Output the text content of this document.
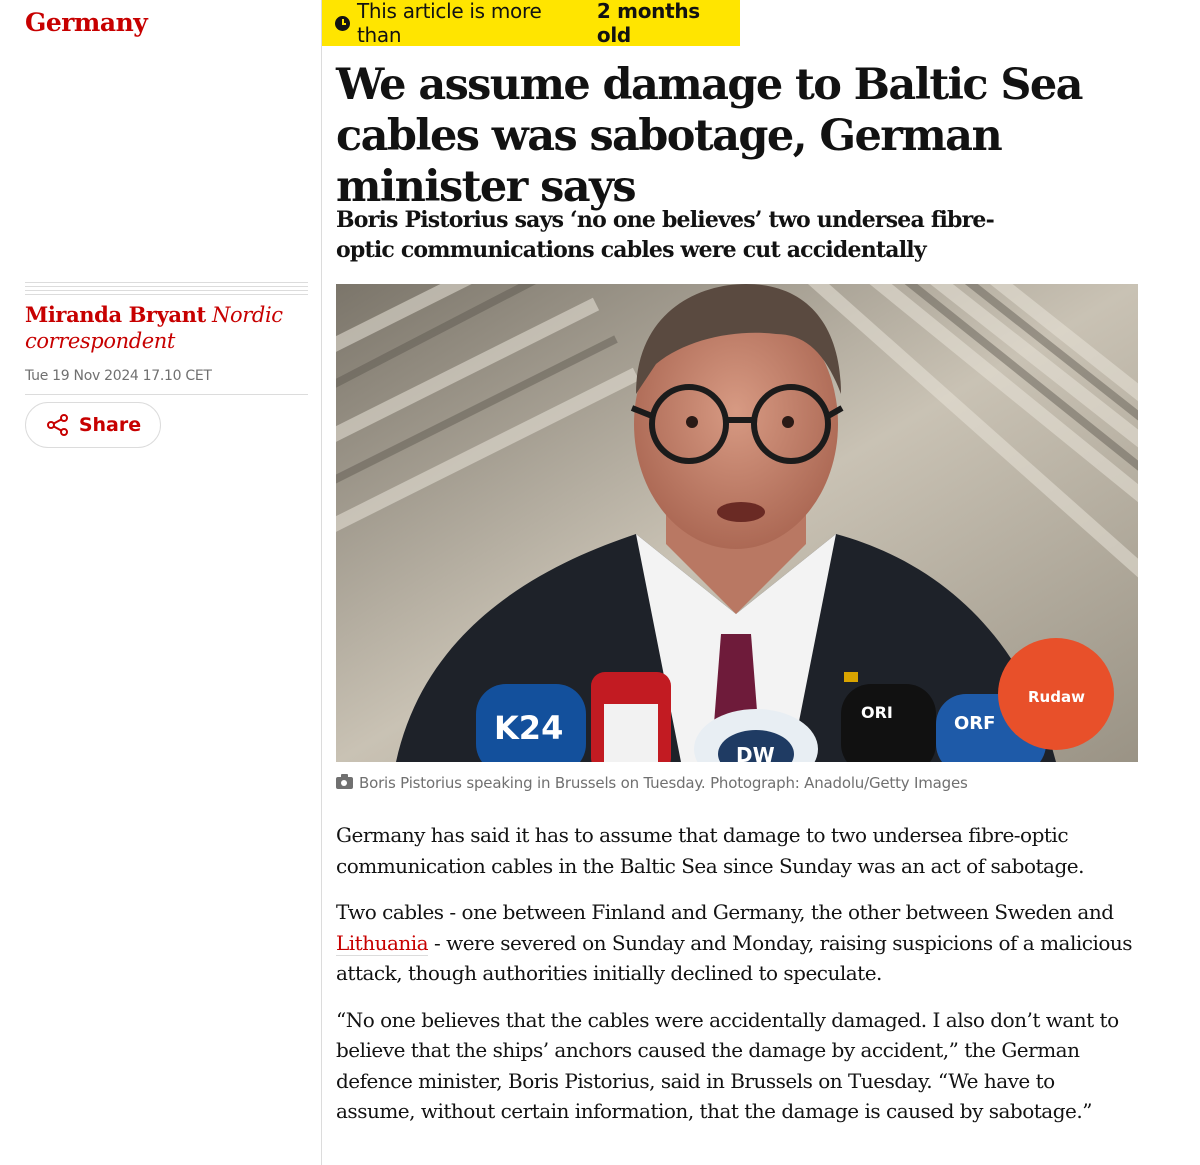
Germany
Miranda Bryant Nordic correspondent
Tue 19 Nov 2024 17.10 CET
Share
This article is more than
2 months old
We assume damage to Baltic Sea cables was sabotage, German minister says
Boris Pistorius says ‘no one believes’ two undersea fibre-optic communications cables were cut accidentally
K24
DW
ORI
ORF
Rudaw
Boris Pistorius speaking in Brussels on Tuesday. Photograph: Anadolu/Getty Images

Germany has said it has to assume that damage to two undersea fibre-optic communication cables in the Baltic Sea since Sunday was an act of sabotage.

Two cables - one between Finland and Germany, the other between Sweden and Lithuania - were severed on Sunday and Monday, raising suspicions of a malicious attack, though authorities initially declined to speculate.

“No one believes that the cables were accidentally damaged. I also don’t want to believe that the ships’ anchors caused the damage by accident,” the German defence minister, Boris Pistorius, said in Brussels on Tuesday. “We have to assume, without certain information, that the damage is caused by sabotage.”
